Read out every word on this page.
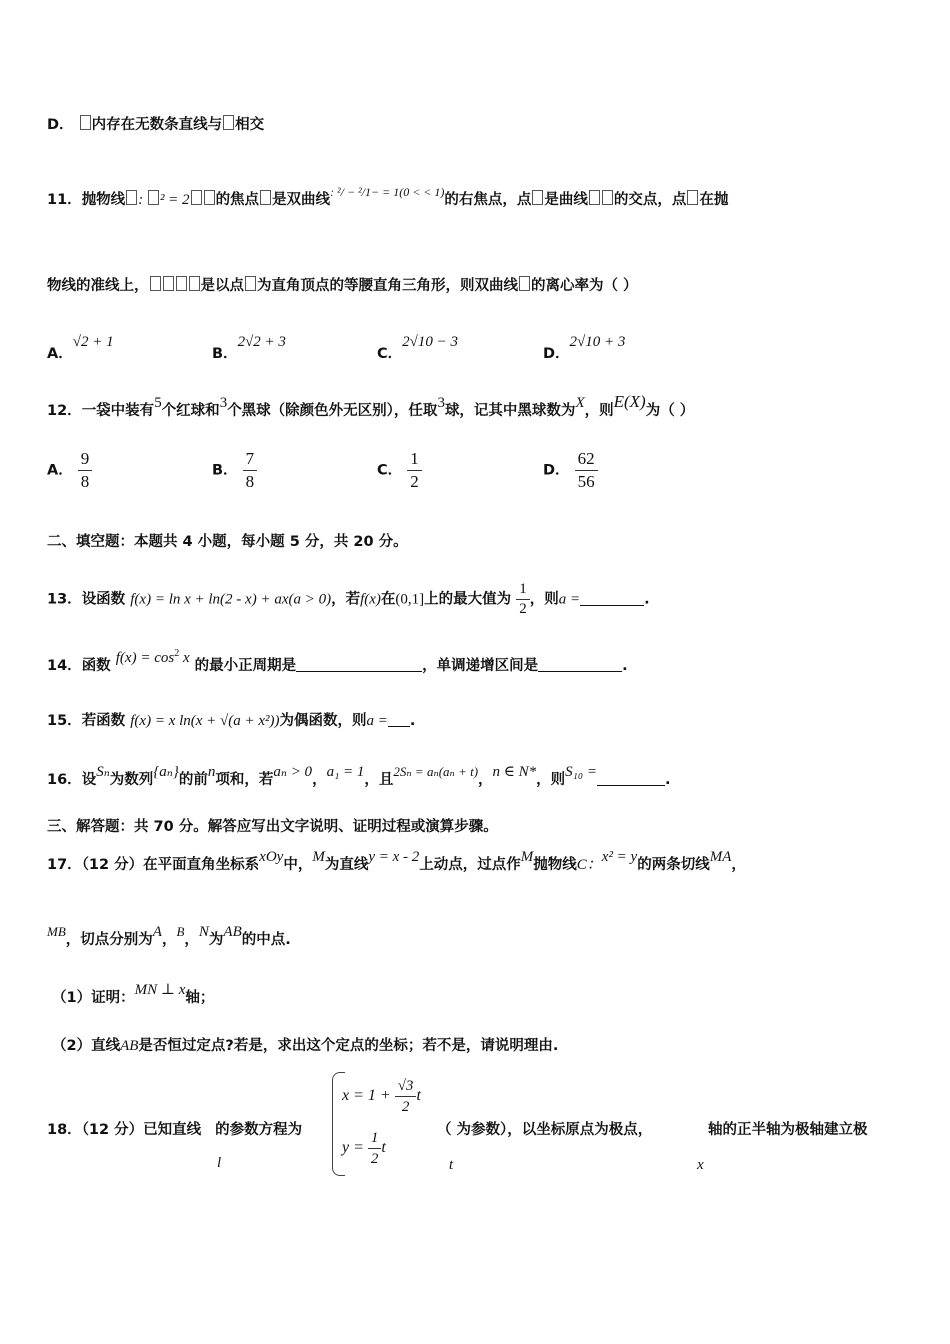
D． 内存在无数条直线与 相交
11．抛物线 : ² = 2 的焦点 是双曲线$^{: ^2/ - ^2/1- = 1(0 < < 1)}$的右焦点，点 是曲线 的交点，点 在抛
物线的准线上，	是以点 为直角顶点的等腰直角三角形，则双曲线 的离心率为（ ）
A．√2 + 1
B．2√2 + 3
C．2√10 − 3
D．2√10 + 3
12．一袋中装有5个红球和3个黑球（除颜色外无区别），任取3球，记其中黑球数为X，则E(X)为（ ）
A． $\frac{9}{8}$	B． $\frac{7}{8}$	C． $\frac{1}{2}$	D． $\frac{62}{56}$
二、填空题：本题共 4 小题，每小题 5 分，共 20 分。
13．设函数 f(x) = ln x + ln(2 - x) + ax(a > 0)，若f(x)在(0,1]上的最大值为 $\frac{1}{2}$ ，则a =	.
14．函数 $f(x) = \cos^2 x$ 的最小正周期是	，单调递增区间是	.
15．若函数 f(x) = x ln(x + √(a + x²))为偶函数，则a = .
16．设Sₙ为数列{aₙ}的前n项和，若aₙ > 0，a₁ = 1，且2Sₙ = aₙ(aₙ + t)，n ∈ N*，则S₁₀ =	.
三、解答题：共 70 分。解答应写出文字说明、证明过程或演算步骤。
17．（12 分）在平面直角坐标系xOy中，M为直线y = x - 2上动点，过点作M抛物线C：x² = y的两条切线MA，
MB，切点分别为A，B，N为AB的中点.
（1）证明：MN ⊥ x轴；
（2）直线AB是否恒过定点?若是，求出这个定点的坐标；若不是，请说明理由.
18．（12 分）已知直线 的参数方程为
l
$x = 1 + \frac{√3}{2}$ t
$y = \frac{1}{2}$ t
（ 为参数），以坐标原点为极点，
t
轴的正半轴为极轴建立极
x
